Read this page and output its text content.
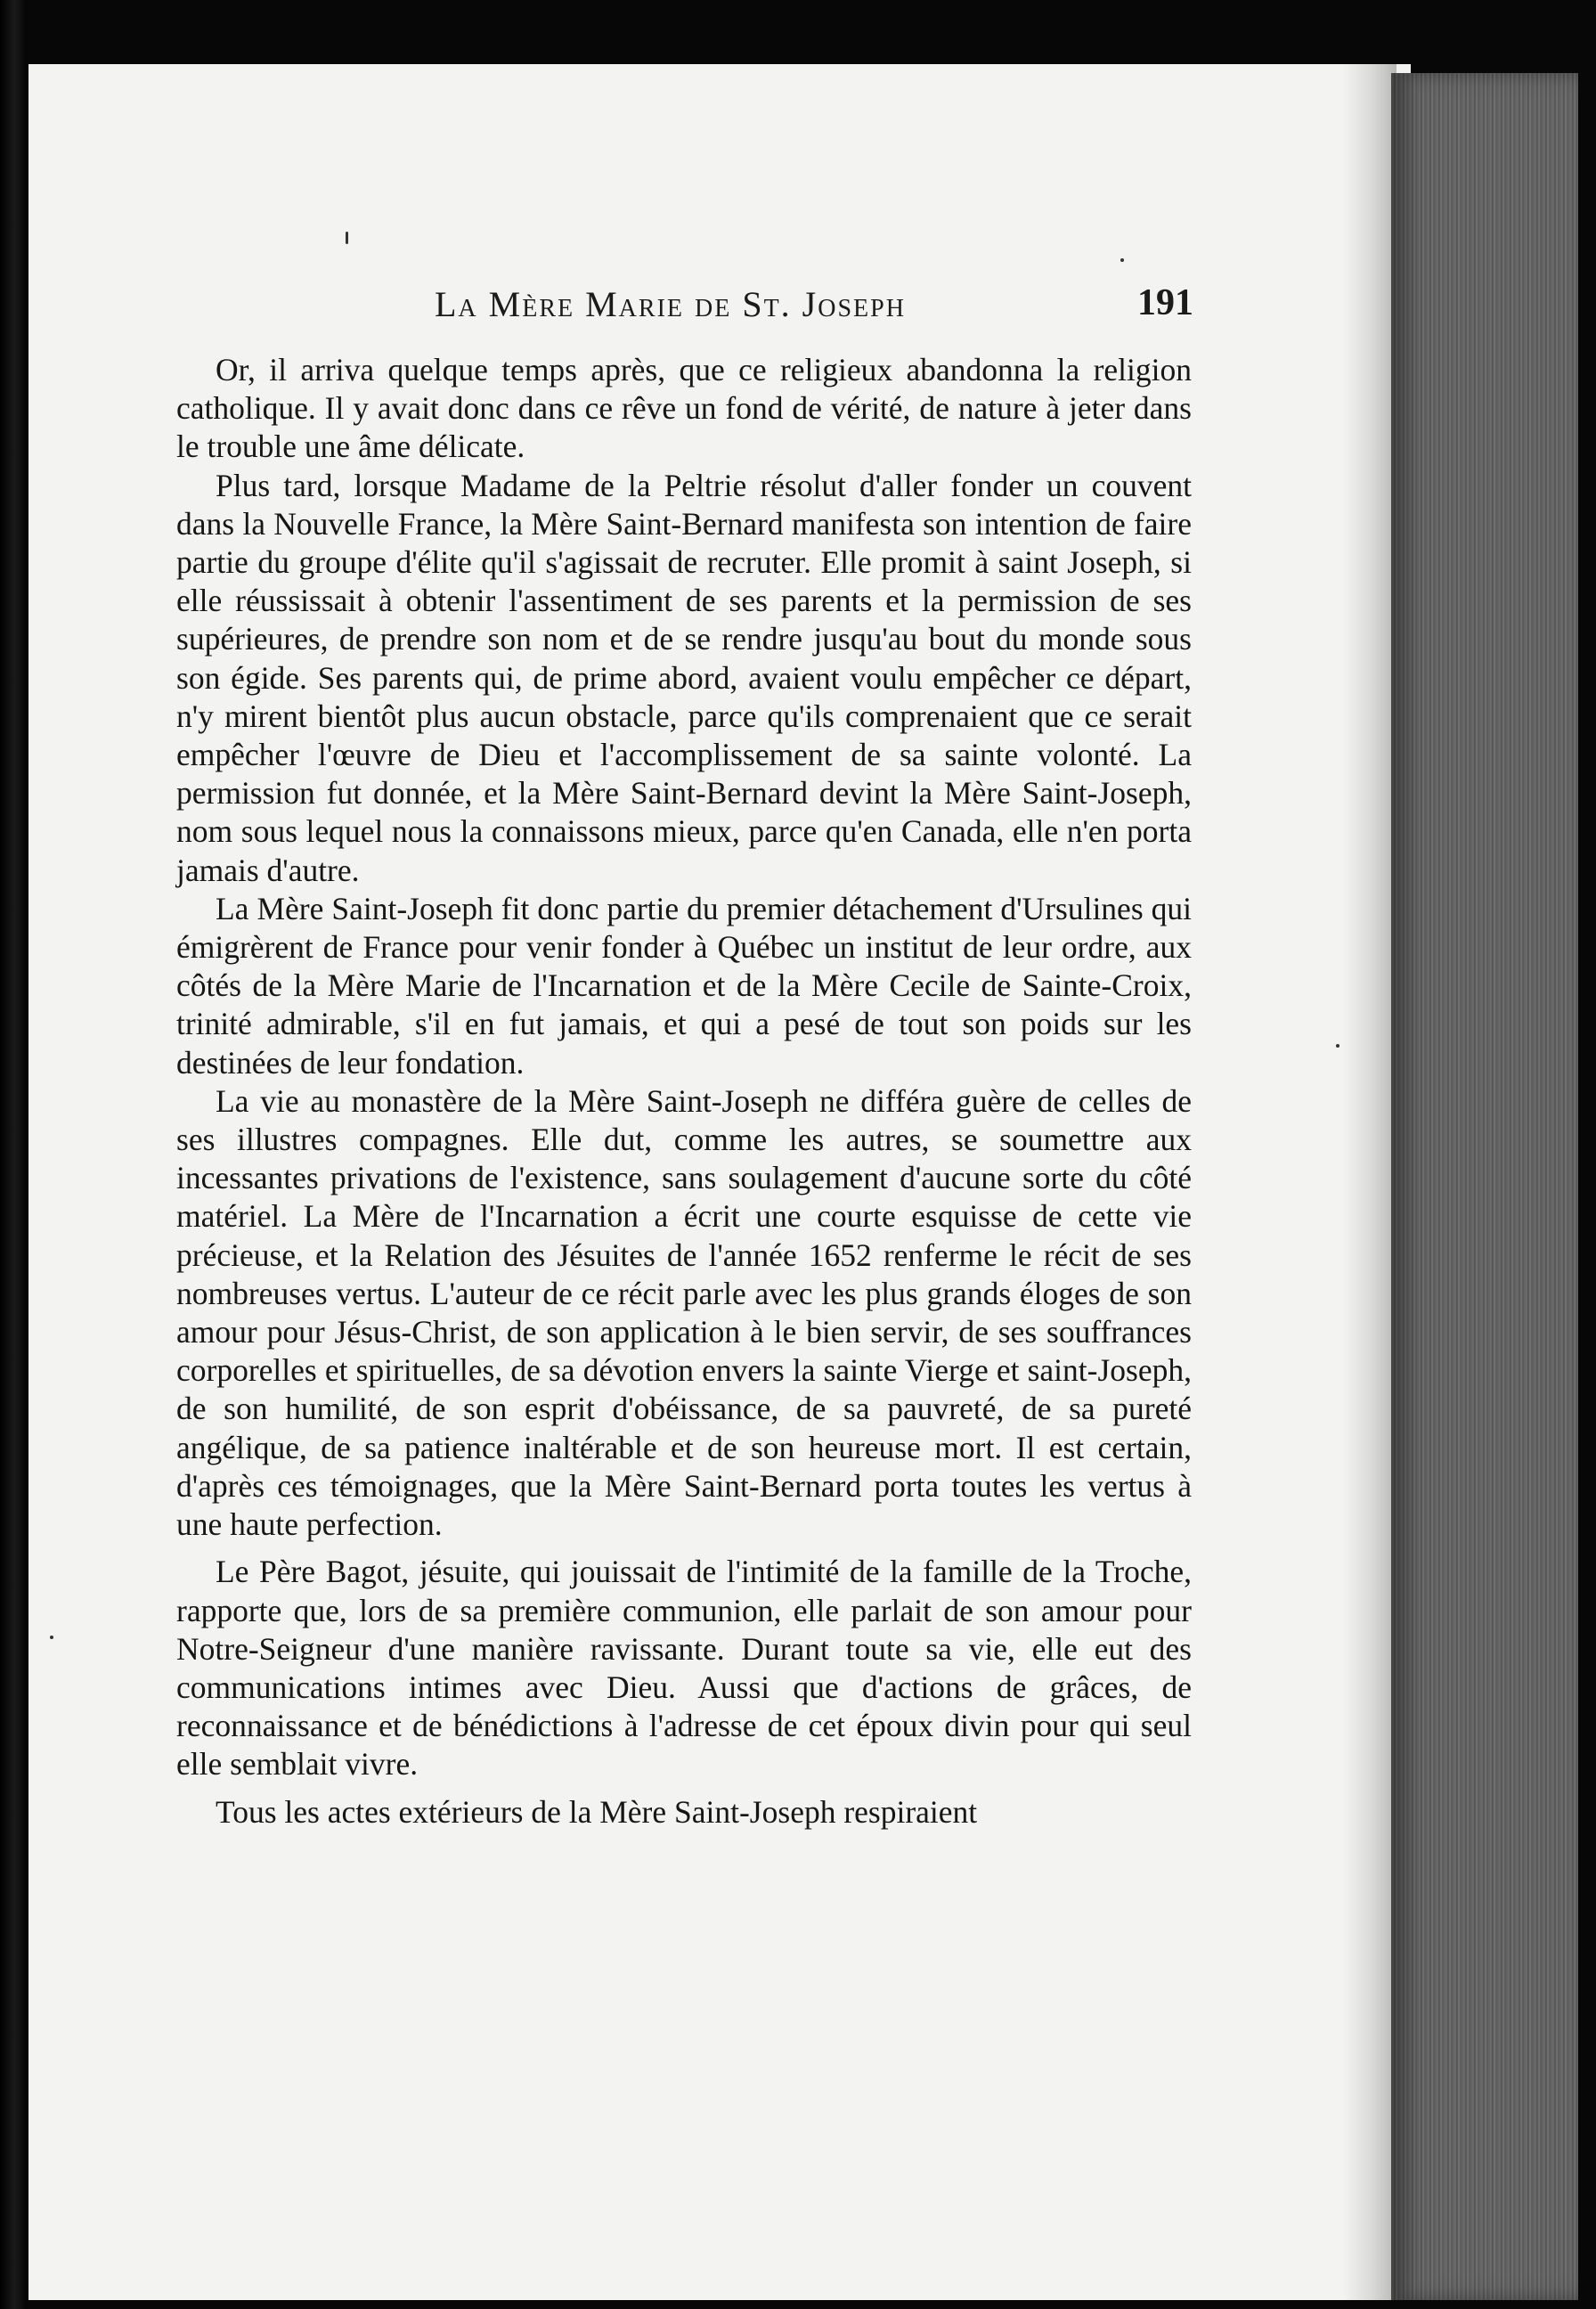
La Mère Marie de St. Joseph	191

Or, il arriva quelque temps après, que ce religieux abandonna la religion catholique. Il y avait donc dans ce rêve un fond de vérité, de nature à jeter dans le trouble une âme délicate.

Plus tard, lorsque Madame de la Peltrie résolut d'aller fonder un couvent dans la Nouvelle France, la Mère Saint-Bernard manifesta son intention de faire partie du groupe d'élite qu'il s'agissait de recruter. Elle promit à saint Joseph, si elle réussissait à obtenir l'assentiment de ses parents et la permission de ses supérieures, de prendre son nom et de se rendre jusqu'au bout du monde sous son égide. Ses parents qui, de prime abord, avaient voulu empêcher ce départ, n'y mirent bientôt plus aucun obstacle, parce qu'ils comprenaient que ce serait empêcher l'œuvre de Dieu et l'accomplissement de sa sainte volonté. La permission fut donnée, et la Mère Saint-Bernard devint la Mère Saint-Joseph, nom sous lequel nous la connaissons mieux, parce qu'en Canada, elle n'en porta jamais d'autre.

La Mère Saint-Joseph fit donc partie du premier détachement d'Ursulines qui émigrèrent de France pour venir fonder à Québec un institut de leur ordre, aux côtés de la Mère Marie de l'Incarnation et de la Mère Cecile de Sainte-Croix, trinité admirable, s'il en fut jamais, et qui a pesé de tout son poids sur les destinées de leur fondation.

La vie au monastère de la Mère Saint-Joseph ne différa guère de celles de ses illustres compagnes. Elle dut, comme les autres, se soumettre aux incessantes privations de l'existence, sans soulagement d'aucune sorte du côté matériel. La Mère de l'Incarnation a écrit une courte esquisse de cette vie précieuse, et la Relation des Jésuites de l'année 1652 renferme le récit de ses nombreuses vertus. L'auteur de ce récit parle avec les plus grands éloges de son amour pour Jésus-Christ, de son application à le bien servir, de ses souffrances corporelles et spirituelles, de sa dévotion envers la sainte Vierge et saint-Joseph, de son humilité, de son esprit d'obéissance, de sa pauvreté, de sa pureté angélique, de sa patience inaltérable et de son heureuse mort. Il est certain, d'après ces témoignages, que la Mère Saint-Bernard porta toutes les vertus à une haute perfection.

Le Père Bagot, jésuite, qui jouissait de l'intimité de la famille de la Troche, rapporte que, lors de sa première communion, elle parlait de son amour pour Notre-Seigneur d'une manière ravissante. Durant toute sa vie, elle eut des communications intimes avec Dieu. Aussi que d'actions de grâces, de reconnaissance et de bénédictions à l'adresse de cet époux divin pour qui seul elle semblait vivre.

Tous les actes extérieurs de la Mère Saint-Joseph respiraient
